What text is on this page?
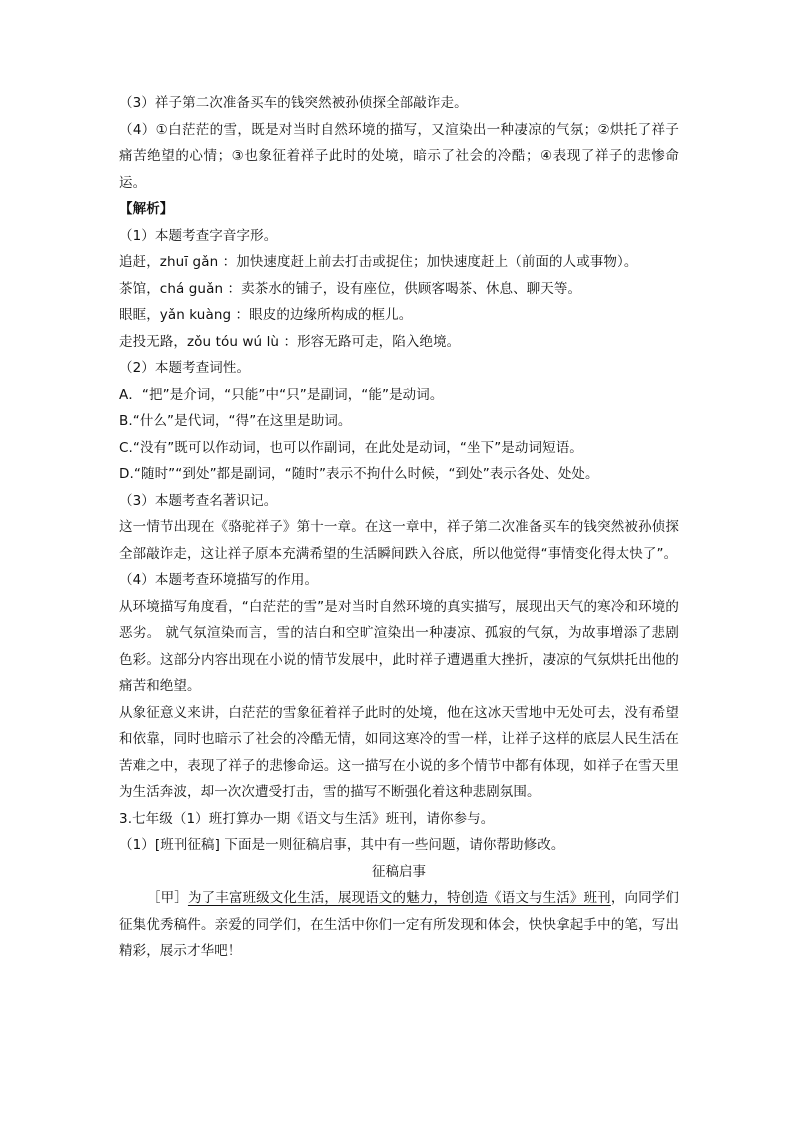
（3）祥子第二次准备买车的钱突然被孙侦探全部敲诈走。
（4）①白茫茫的雪，既是对当时自然环境的描写，又渲染出一种凄凉的气氛；②烘托了祥子痛苦绝望的心情；③也象征着祥子此时的处境，暗示了社会的冷酷；④表现了祥子的悲惨命运。
【解析】
（1）本题考查字音字形。
追赶，zhuī gǎn ：加快速度赶上前去打击或捉住；加快速度赶上（前面的人或事物）。
茶馆，chá guǎn ：卖茶水的铺子，设有座位，供顾客喝茶、休息、聊天等。
眼眶，yǎn kuàng ：眼皮的边缘所构成的框儿。
走投无路，zǒu tóu wú lù ：形容无路可走，陷入绝境。
（2）本题考查词性。
A．“把”是介词，“只能”中“只”是副词，“能”是动词。
B.“什么”是代词，“得”在这里是助词。
C.“没有”既可以作动词，也可以作副词，在此处是动词，“坐下”是动词短语。
D.“随时”“到处”都是副词，“随时”表示不拘什么时候，“到处”表示各处、处处。
（3）本题考查名著识记。
这一情节出现在《骆驼祥子》第十一章。在这一章中，祥子第二次准备买车的钱突然被孙侦探全部敲诈走，这让祥子原本充满希望的生活瞬间跌入谷底，所以他觉得“事情变化得太快了”。
（4）本题考查环境描写的作用。
从环境描写角度看，“白茫茫的雪”是对当时自然环境的真实描写，展现出天气的寒冷和环境的恶劣。 就气氛渲染而言，雪的洁白和空旷渲染出一种凄凉、孤寂的气氛，为故事增添了悲剧色彩。这部分内容出现在小说的情节发展中，此时祥子遭遇重大挫折，凄凉的气氛烘托出他的痛苦和绝望。
从象征意义来讲，白茫茫的雪象征着祥子此时的处境，他在这冰天雪地中无处可去，没有希望和依靠，同时也暗示了社会的冷酷无情，如同这寒冷的雪一样，让祥子这样的底层人民生活在苦难之中，表现了祥子的悲惨命运。这一描写在小说的多个情节中都有体现，如祥子在雪天里为生活奔波，却一次次遭受打击，雪的描写不断强化着这种悲剧氛围。
3.七年级（1）班打算办一期《语文与生活》班刊，请你参与。
（1）[班刊征稿] 下面是一则征稿启事，其中有一些问题，请你帮助修改。
征稿启事
［甲］为了丰富班级文化生活，展现语文的魅力，特创造《语文与生活》班刊，向同学们征集优秀稿件。亲爱的同学们，在生活中你们一定有所发现和体会，快快拿起手中的笔，写出精彩，展示才华吧！
